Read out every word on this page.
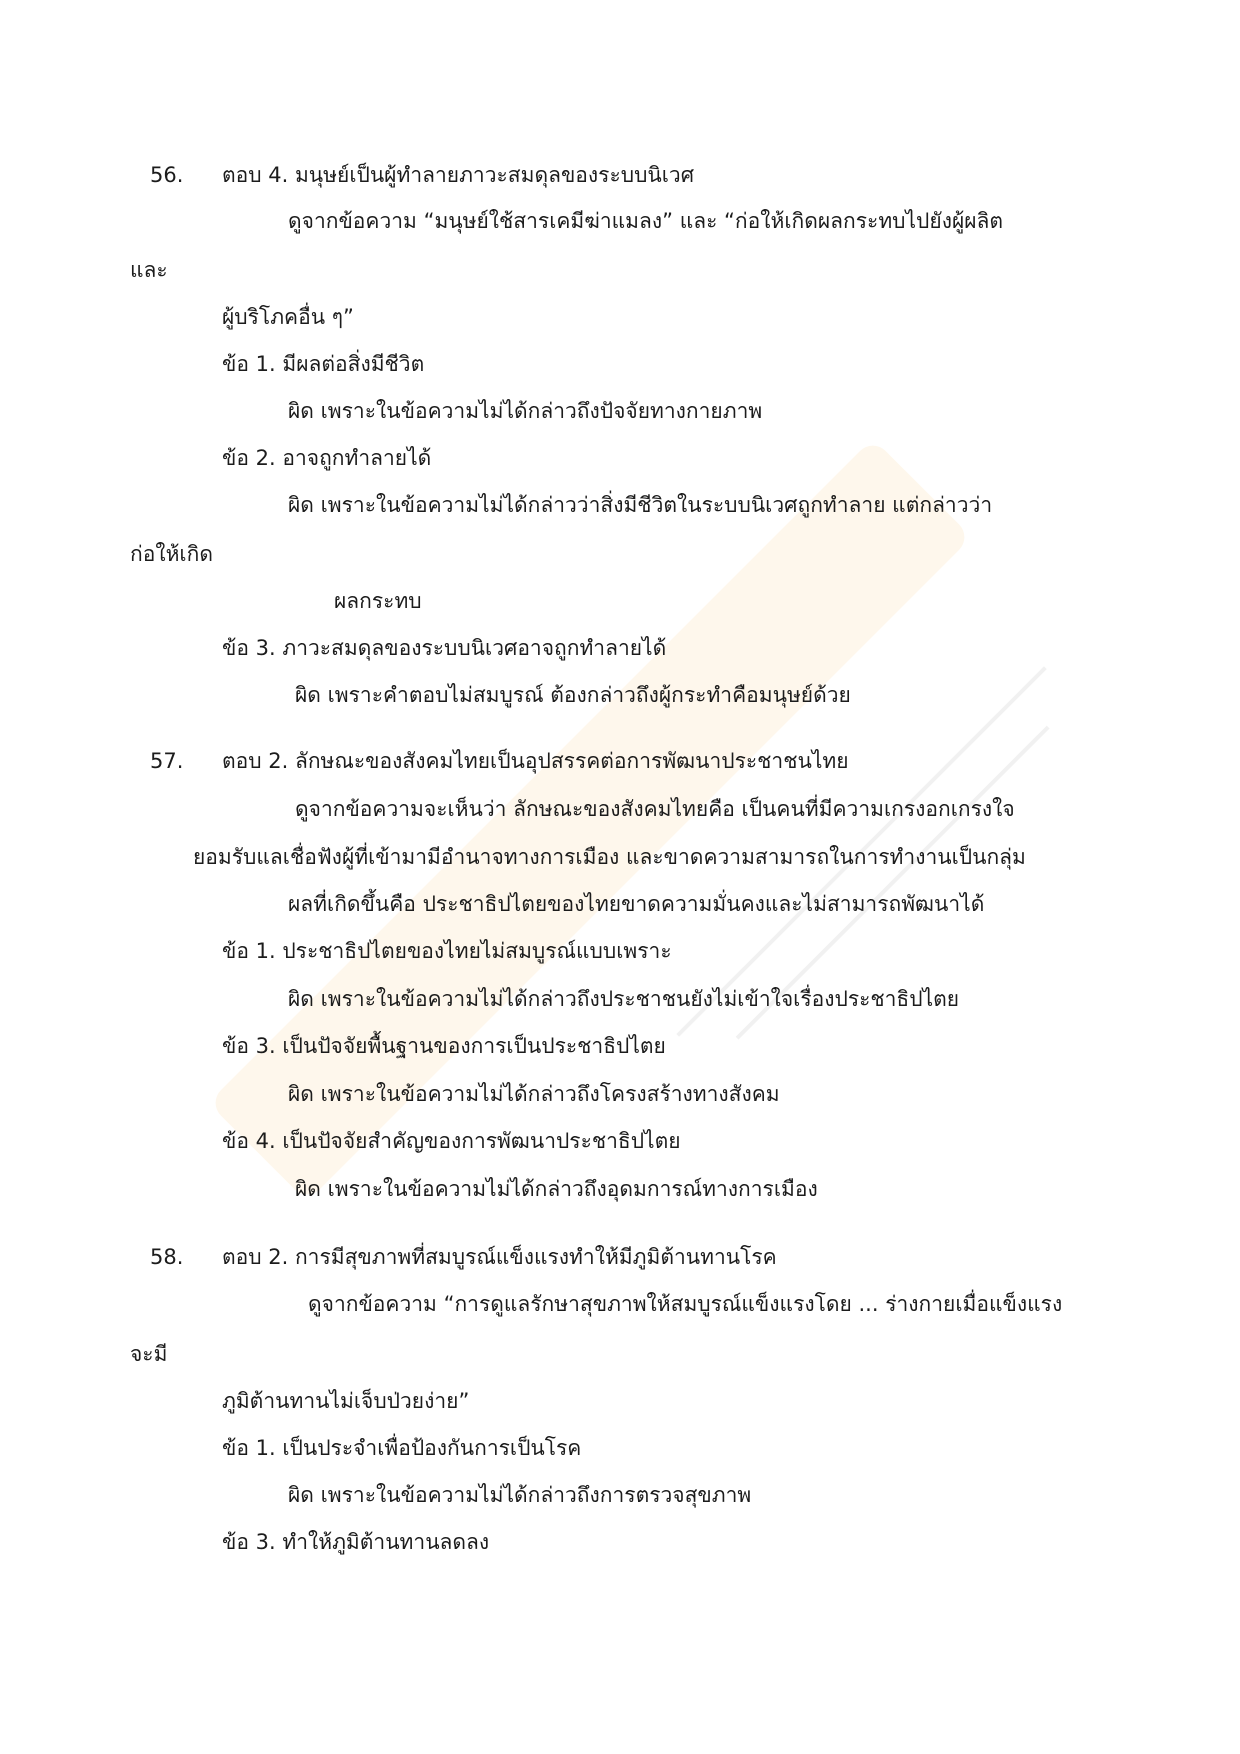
56. ตอบ 4. มนุษย์เป็นผู้ทำลายภาวะสมดุลของระบบนิเวศ
ดูจากข้อความ “มนุษย์ใช้สารเคมีฆ่าแมลง” และ “ก่อให้เกิดผลกระทบไปยังผู้ผลิต
และ
ผู้บริโภคอื่น ๆ”
ข้อ 1. มีผลต่อสิ่งมีชีวิต
ผิด เพราะในข้อความไม่ได้กล่าวถึงปัจจัยทางกายภาพ
ข้อ 2. อาจถูกทำลายได้
ผิด เพราะในข้อความไม่ได้กล่าวว่าสิ่งมีชีวิตในระบบนิเวศถูกทำลาย แต่กล่าวว่า
ก่อให้เกิด
ผลกระทบ
ข้อ 3. ภาวะสมดุลของระบบนิเวศอาจถูกทำลายได้
ผิด เพราะคำตอบไม่สมบูรณ์ ต้องกล่าวถึงผู้กระทำคือมนุษย์ด้วย
57. ตอบ 2. ลักษณะของสังคมไทยเป็นอุปสรรคต่อการพัฒนาประชาชนไทย
ดูจากข้อความจะเห็นว่า ลักษณะของสังคมไทยคือ เป็นคนที่มีความเกรงอกเกรงใจ
ยอมรับแลเชื่อฟังผู้ที่เข้ามามีอำนาจทางการเมือง และขาดความสามารถในการทำงานเป็นกลุ่ม
ผลที่เกิดขึ้นคือ ประชาธิปไตยของไทยขาดความมั่นคงและไม่สามารถพัฒนาได้
ข้อ 1. ประชาธิปไตยของไทยไม่สมบูรณ์แบบเพราะ
ผิด เพราะในข้อความไม่ได้กล่าวถึงประชาชนยังไม่เข้าใจเรื่องประชาธิปไตย
ข้อ 3. เป็นปัจจัยพื้นฐานของการเป็นประชาธิปไตย
ผิด เพราะในข้อความไม่ได้กล่าวถึงโครงสร้างทางสังคม
ข้อ 4. เป็นปัจจัยสำคัญของการพัฒนาประชาธิปไตย
ผิด เพราะในข้อความไม่ได้กล่าวถึงอุดมการณ์ทางการเมือง
58. ตอบ 2. การมีสุขภาพที่สมบูรณ์แข็งแรงทำให้มีภูมิต้านทานโรค
ดูจากข้อความ “การดูแลรักษาสุขภาพให้สมบูรณ์แข็งแรงโดย ... ร่างกายเมื่อแข็งแรง
จะมี
ภูมิต้านทานไม่เจ็บป่วยง่าย”
ข้อ 1. เป็นประจำเพื่อป้องกันการเป็นโรค
ผิด เพราะในข้อความไม่ได้กล่าวถึงการตรวจสุขภาพ
ข้อ 3. ทำให้ภูมิต้านทานลดลง
